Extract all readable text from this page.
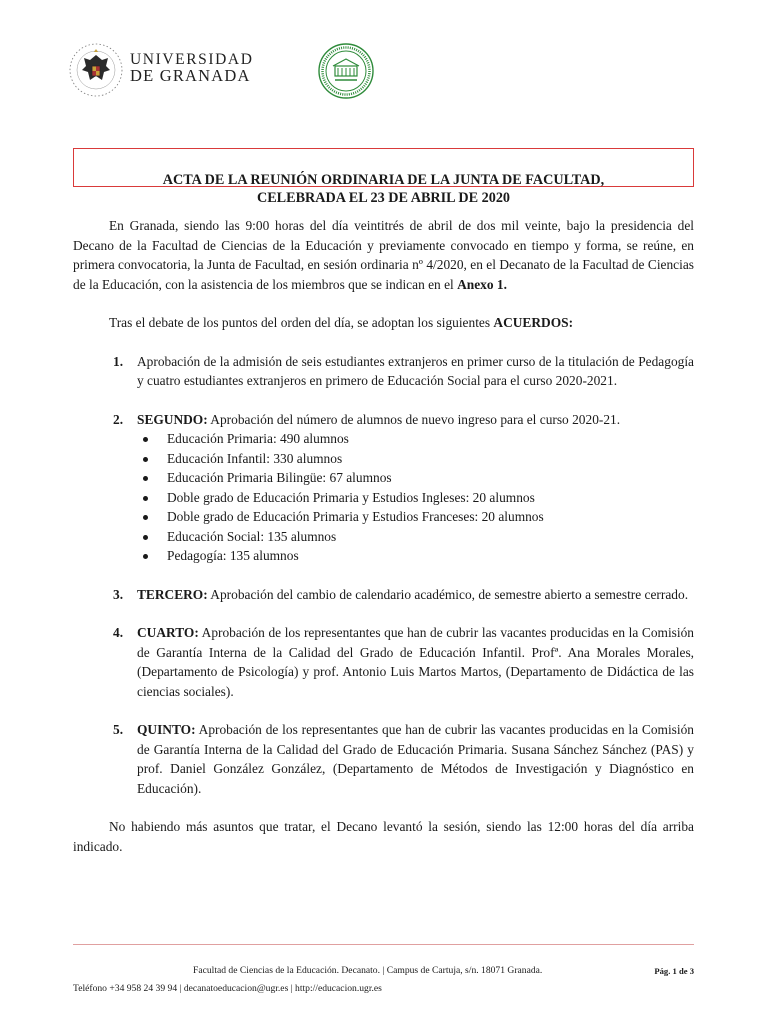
UNIVERSIDAD
DE GRANADA
ACTA DE LA REUNIÓN ORDINARIA DE LA JUNTA DE FACULTAD,
CELEBRADA EL 23 DE ABRIL DE 2020

En Granada, siendo las 9:00 horas del día veintitrés de abril de dos mil veinte, bajo la presidencia del Decano de la Facultad de Ciencias de la Educación y previamente convocado en tiempo y forma, se reúne, en primera convocatoria, la Junta de Facultad, en sesión ordinaria nº 4/2020, en el Decanato de la Facultad de Ciencias de la Educación, con la asistencia de los miembros que se indican en el Anexo 1.

Tras el debate de los puntos del orden del día, se adoptan los siguientes ACUERDOS:

1. Aprobación de la admisión de seis estudiantes extranjeros en primer curso de la titulación de Pedagogía y cuatro estudiantes extranjeros en primero de Educación Social para el curso 2020-2021.

2. SEGUNDO: Aprobación del número de alumnos de nuevo ingreso para el curso 2020-21.

Educación Primaria: 490 alumnos
Educación Infantil: 330 alumnos
Educación Primaria Bilingüe: 67 alumnos
Doble grado de Educación Primaria y Estudios Ingleses: 20 alumnos
Doble grado de Educación Primaria y Estudios Franceses: 20 alumnos
Educación Social: 135 alumnos
Pedagogía: 135 alumnos

3. TERCERO: Aprobación del cambio de calendario académico, de semestre abierto a semestre cerrado.

4. CUARTO: Aprobación de los representantes que han de cubrir las vacantes producidas en la Comisión de Garantía Interna de la Calidad del Grado de Educación Infantil. Profª. Ana Morales Morales, (Departamento de Psicología) y prof. Antonio Luis Martos Martos, (Departamento de Didáctica de las ciencias sociales).

5. QUINTO: Aprobación de los representantes que han de cubrir las vacantes producidas en la Comisión de Garantía Interna de la Calidad del Grado de Educación Primaria. Susana Sánchez Sánchez (PAS) y prof. Daniel González González, (Departamento de Métodos de Investigación y Diagnóstico en Educación).

No habiendo más asuntos que tratar, el Decano levantó la sesión, siendo las 12:00 horas del día arriba indicado.

Facultad de Ciencias de la Educación. Decanato. | Campus de Cartuja, s/n. 18071 Granada.	Pág. 1 de 3
Teléfono +34 958 24 39 94 | decanatoeducacion@ugr.es | http://educacion.ugr.es
